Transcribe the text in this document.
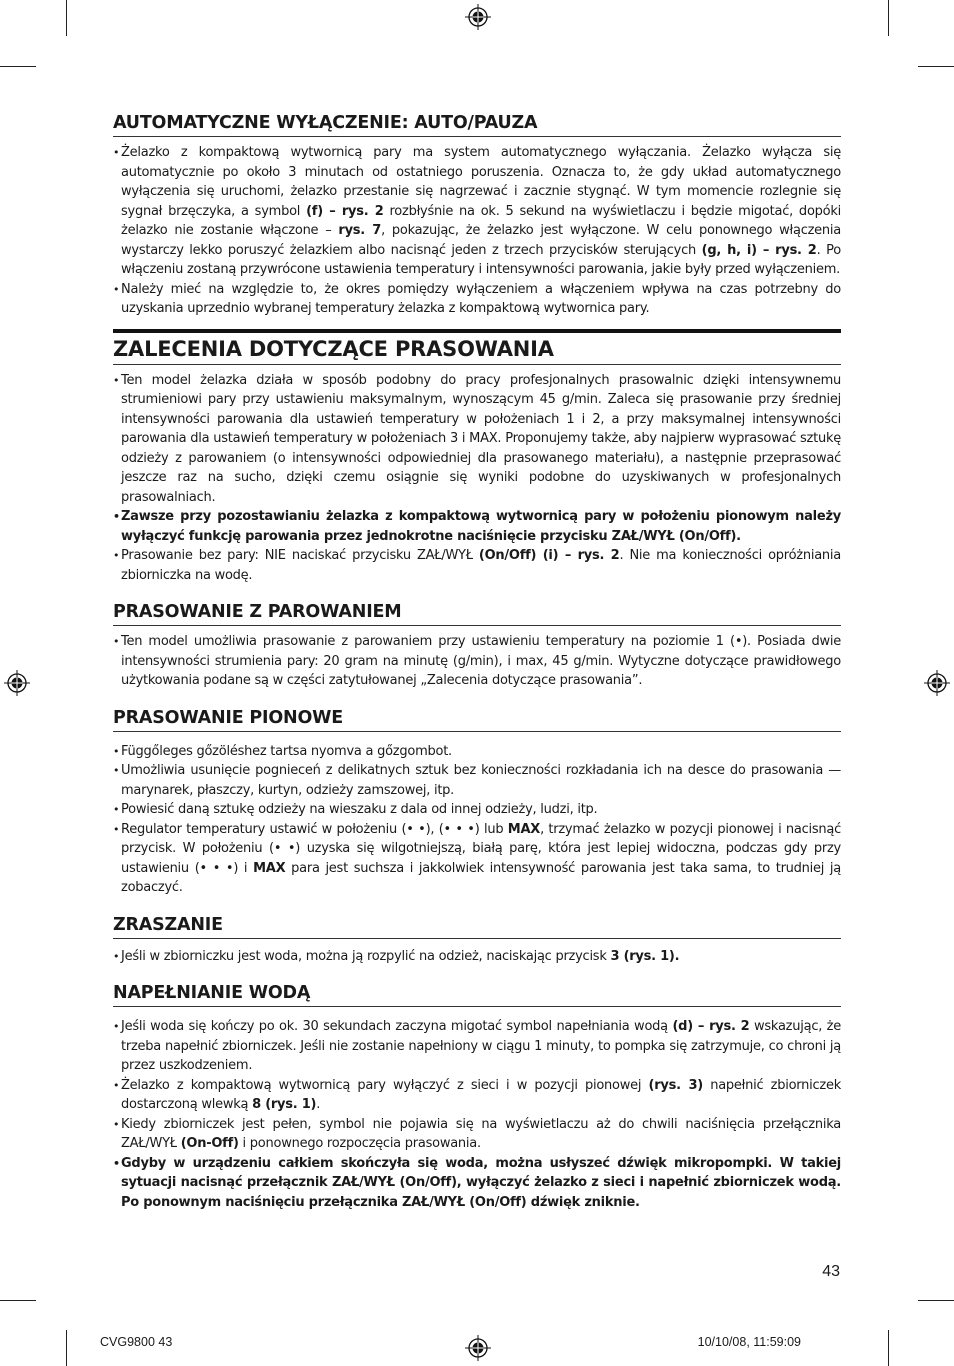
AUTOMATYCZNE WYŁĄCZENIE: AUTO/PAUZA
• Żelazko z kompaktową wytwornicą pary ma system automatycznego wyłączania. Żelazko wyłącza się automatycznie po około 3 minutach od ostatniego poruszenia. Oznacza to, że gdy układ automatycznego wyłączenia się uruchomi, żelazko przestanie się nagrzewać i zacznie stygnąć. W tym momencie rozlegnie się sygnał brzęczyka, a symbol (f) – rys. 2 rozbłyśnie na ok. 5 sekund na wyświetlaczu i będzie migotać, dopóki żelazko nie zostanie włączone – rys. 7, pokazując, że żelazko jest wyłączone. W celu ponownego włączenia wystarczy lekko poruszyć żelazkiem albo nacisnąć jeden z trzech przycisków sterujących (g, h, i) – rys. 2. Po włączeniu zostaną przywrócone ustawienia temperatury i intensywności parowania, jakie były przed wyłączeniem.
• Należy mieć na względzie to, że okres pomiędzy wyłączeniem a włączeniem wpływa na czas potrzebny do uzyskania uprzednio wybranej temperatury żelazka z kompaktową wytwornica pary.
ZALECENIA DOTYCZĄCE PRASOWANIA
• Ten model żelazka działa w sposób podobny do pracy profesjonalnych prasowalnic dzięki intensywnemu strumieniowi pary przy ustawieniu maksymalnym, wynoszącym 45 g/min. Zaleca się prasowanie przy średniej intensywności parowania dla ustawień temperatury w położeniach 1 i 2, a przy maksymalnej intensywności parowania dla ustawień temperatury w położeniach 3 i MAX. Proponujemy także, aby najpierw wyprasować sztukę odzieży z parowaniem (o intensywności odpowiedniej dla prasowanego materiału), a następnie przeprasować jeszcze raz na sucho, dzięki czemu osiągnie się wyniki podobne do uzyskiwanych w profesjonalnych prasowalniach.
• Zawsze przy pozostawianiu żelazka z kompaktową wytwornicą pary w położeniu pionowym należy wyłączyć funkcję parowania przez jednokrotne naciśnięcie przycisku ZAŁ/WYŁ (On/Off).
• Prasowanie bez pary: NIE naciskać przycisku ZAŁ/WYŁ (On/Off) (i) – rys. 2. Nie ma konieczności opróżniania zbiorniczka na wodę.
PRASOWANIE Z PAROWANIEM
• Ten model umożliwia prasowanie z parowaniem przy ustawieniu temperatury na poziomie 1 (•). Posiada dwie intensywności strumienia pary: 20 gram na minutę (g/min), i max, 45 g/min. Wytyczne dotyczące prawidłowego użytkowania podane są w części zatytułowanej „Zalecenia dotyczące prasowania”.
PRASOWANIE PIONOWE
• Függőleges gőzöléshez tartsa nyomva a gőzgombot.
• Umożliwia usunięcie pognieceń z delikatnych sztuk bez konieczności rozkładania ich na desce do prasowania — marynarek, płaszczy, kurtyn, odzieży zamszowej, itp.
• Powiesić daną sztukę odzieży na wieszaku z dala od innej odzieży, ludzi, itp.
• Regulator temperatury ustawić w położeniu (• •), (• • •) lub MAX, trzymać żelazko w pozycji pionowej i nacisnąć przycisk. W położeniu (• •) uzyska się wilgotniejszą, białą parę, która jest lepiej widoczna, podczas gdy przy ustawieniu (• • •) i MAX para jest suchsza i jakkolwiek intensywność parowania jest taka sama, to trudniej ją zobaczyć.
ZRASZANIE
• Jeśli w zbiorniczku jest woda, można ją rozpylić na odzież, naciskając przycisk 3 (rys. 1).
NAPEŁNIANIE WODĄ
• Jeśli woda się kończy po ok. 30 sekundach zaczyna migotać symbol napełniania wodą (d) – rys. 2 wskazując, że trzeba napełnić zbiorniczek. Jeśli nie zostanie napełniony w ciągu 1 minuty, to pompka się zatrzymuje, co chroni ją przez uszkodzeniem.
• Żelazko z kompaktową wytwornicą pary wyłączyć z sieci i w pozycji pionowej (rys. 3) napełnić zbiorniczek dostarczoną wlewką 8 (rys. 1).
• Kiedy zbiorniczek jest pełen, symbol nie pojawia się na wyświetlaczu aż do chwili naciśnięcia przełącznika ZAŁ/WYŁ (On-Off) i ponownego rozpoczęcia prasowania.
• Gdyby w urządzeniu całkiem skończyła się woda, można usłyszeć dźwięk mikropompki. W takiej sytuacji nacisnąć przełącznik ZAŁ/WYŁ (On/Off), wyłączyć żelazko z sieci i napełnić zbiorniczek wodą. Po ponownym naciśnięciu przełącznika ZAŁ/WYŁ (On/Off) dźwięk zniknie.
43
CVG9800 43	10/10/08, 11:59:09
